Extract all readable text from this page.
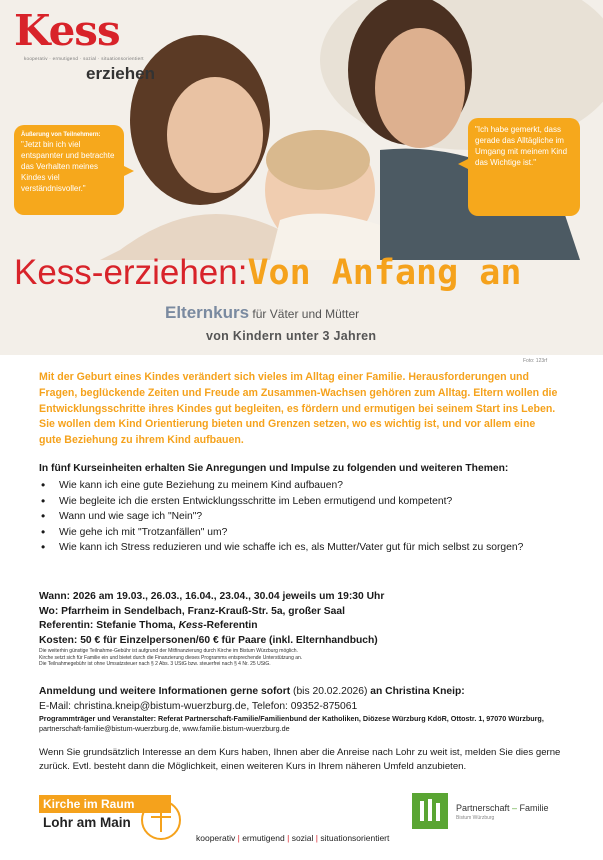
Kess
kooperativ · ermutigend · sozial · situationsorientiert
erziehen
Äußerung von Teilnehmern:
"Jetzt bin ich viel entspannter und betrachte das Verhalten meines Kindes viel verständnisvoller."
"Ich habe gemerkt, dass gerade das Alltägliche im Umgang mit meinem Kind das Wichtige ist."
Kess-erziehen:Von Anfang an
Elternkurs für Väter und Mütter
von Kindern unter 3 Jahren
Foto: 123rf
Mit der Geburt eines Kindes verändert sich vieles im Alltag einer Familie. Herausforderungen und Fragen, beglückende Zeiten und Freude am Zusammen-Wachsen gehören zum Alltag. Eltern wollen die Entwicklungsschritte ihres Kindes gut begleiten, es fördern und ermutigen bei seinem Start ins Leben. Sie wollen dem Kind Orientierung bieten und Grenzen setzen, wo es wichtig ist, und vor allem eine gute Beziehung zu ihrem Kind aufbauen.
In fünf Kurseinheiten erhalten Sie Anregungen und Impulse zu folgenden und weiteren Themen:
• Wie kann ich eine gute Beziehung zu meinem Kind aufbauen?
• Wie begleite ich die ersten Entwicklungsschritte im Leben ermutigend und kompetent?
• Wann und wie sage ich "Nein"?
• Wie gehe ich mit "Trotzanfällen" um?
• Wie kann ich Stress reduzieren und wie schaffe ich es, als Mutter/Vater gut für mich selbst zu sorgen?
Wann: 2026 am 19.03., 26.03., 16.04., 23.04., 30.04 jeweils um 19:30 Uhr
Wo: Pfarrheim in Sendelbach, Franz-Krauß-Str. 5a, großer Saal
Referentin: Stefanie Thoma, Kess-Referentin
Kosten: 50 € für Einzelpersonen/60 € für Paare (inkl. Elternhandbuch)
Die weiterhin günstige Teilnahme-Gebühr ist aufgrund der Mitfinanzierung durch Kirche im Bistum Würzburg möglich.
Kirche setzt sich für Familie ein und bietet durch die Finanzierung dieses Programms entsprechende Unterstützung an.
Die Teilnahmegebühr ist ohne Umsatzsteuer nach § 2 Abs. 3 UStG bzw. steuerfrei nach § 4 Nr. 25 UStG.
Anmeldung und weitere Informationen gerne sofort (bis 20.02.2026) an Christina Kneip:
E-Mail: christina.kneip@bistum-wuerzburg.de, Telefon: 09352-875061
Programmträger und Veranstalter: Referat Partnerschaft-Familie/Familienbund der Katholiken, Diözese Würzburg KdöR, Ottostr. 1, 97070 Würzburg,
partnerschaft-familie@bistum-wuerzburg.de, www.familie.bistum-wuerzburg.de
Wenn Sie grundsätzlich Interesse an dem Kurs haben, Ihnen aber die Anreise nach Lohr zu weit ist, melden Sie dies gerne zurück. Evtl. besteht dann die Möglichkeit, einen weiteren Kurs in Ihrem näheren Umfeld anzubieten.
Kirche im Raum
Lohr am Main
kooperativ | ermutigend | sozial | situationsorientiert
Partnerschaft – Familie
Bistum Würzburg
